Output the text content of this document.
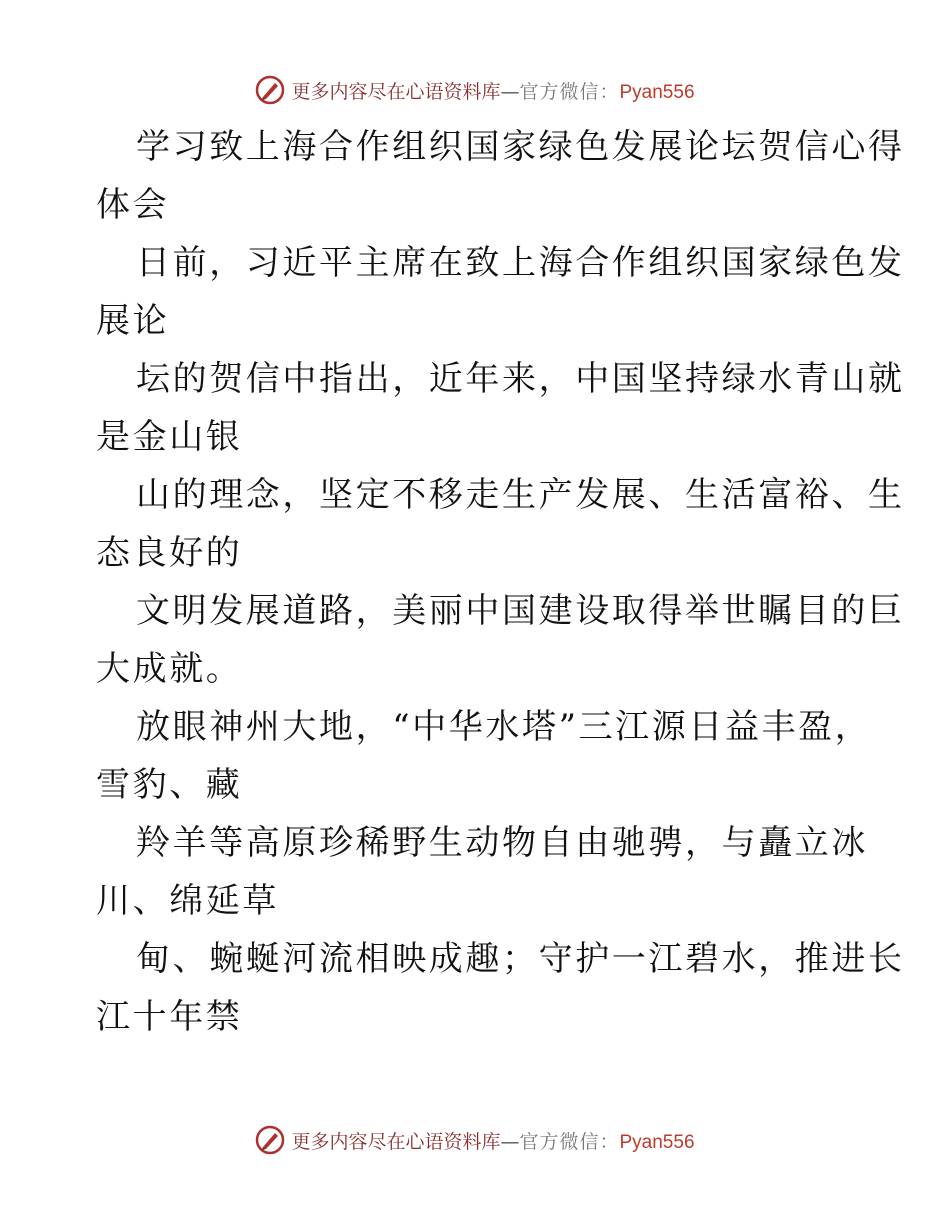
更多内容尽在心语资料库—官方微信：Pyan556
学习致上海合作组织国家绿色发展论坛贺信心得
体会
日前，习近平主席在致上海合作组织国家绿色发
展论
坛的贺信中指出，近年来，中国坚持绿水青山就
是金山银
山的理念，坚定不移走生产发展、生活富裕、生
态良好的
文明发展道路，美丽中国建设取得举世瞩目的巨
大成就。
放眼神州大地，“中华水塔”三江源日益丰盈，
雪豹、藏
羚羊等高原珍稀野生动物自由驰骋，与矗立冰
川、绵延草
甸、蜿蜒河流相映成趣；守护一江碧水，推进长
江十年禁
更多内容尽在心语资料库—官方微信：Pyan556
